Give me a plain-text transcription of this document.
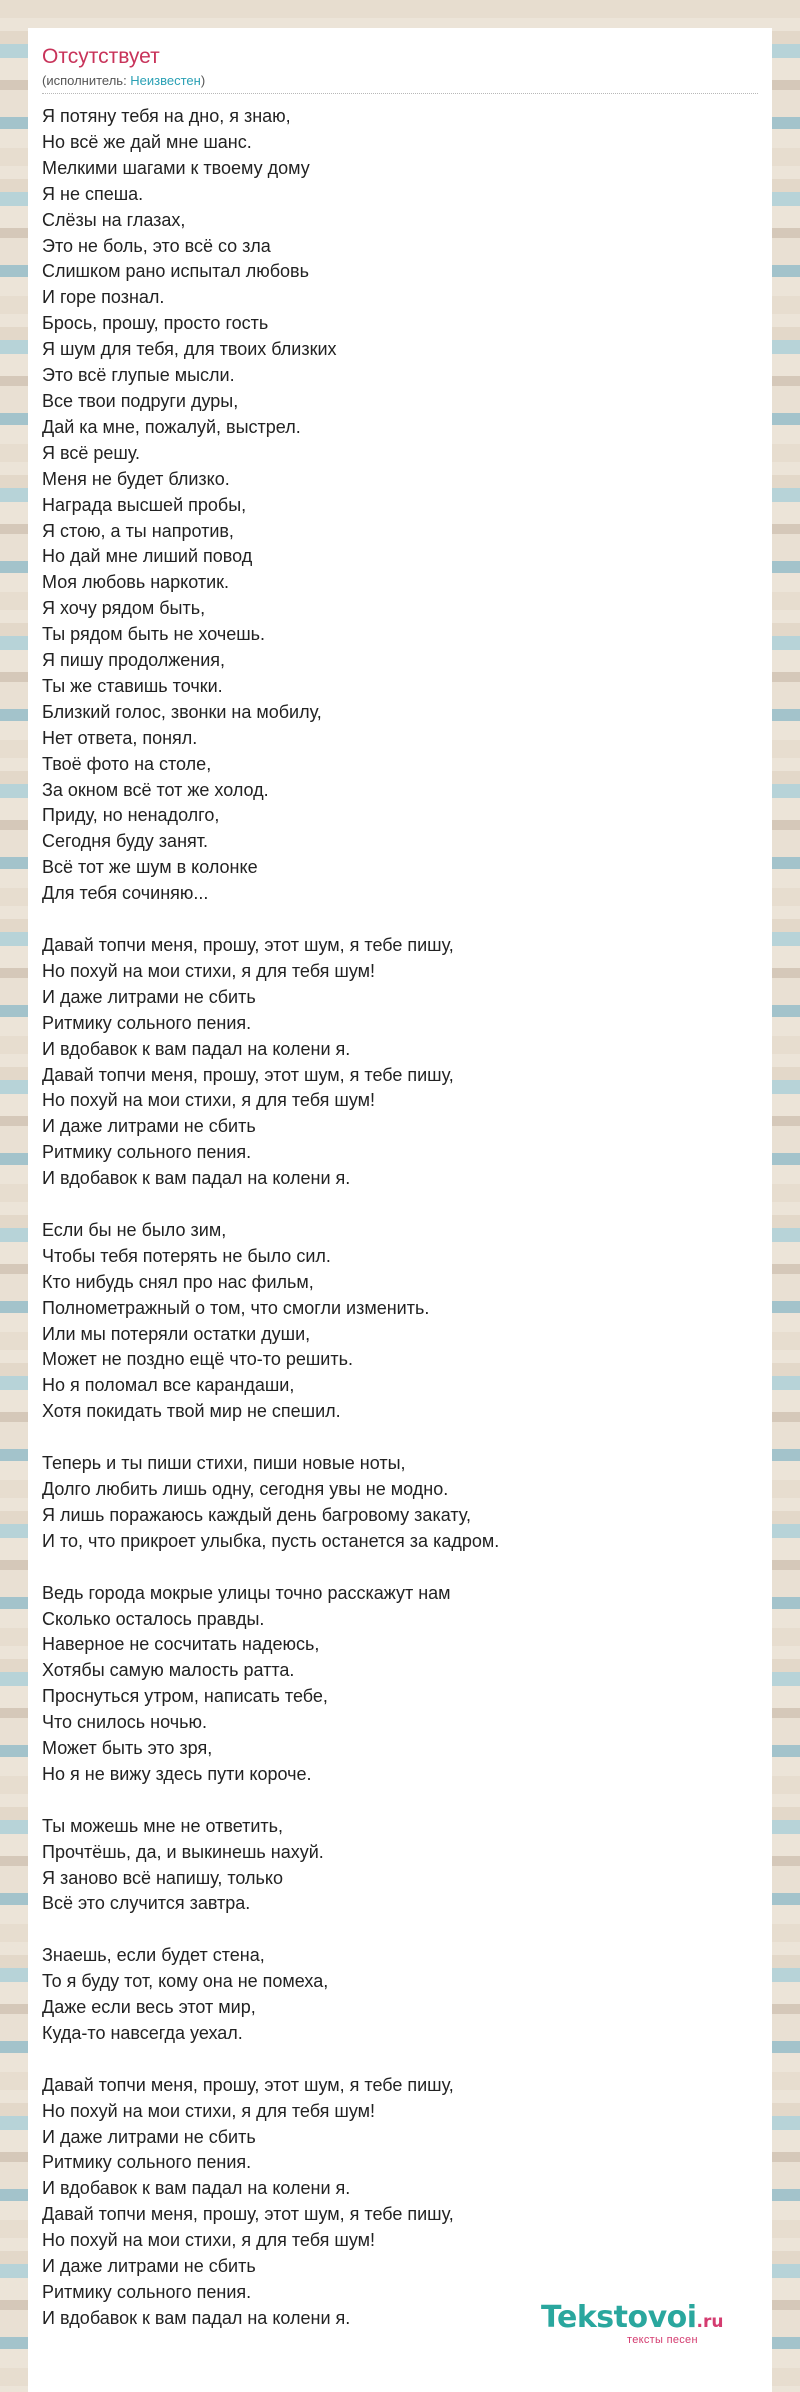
Отсутствует
(исполнитель: Неизвестен)
Я потяну тебя на дно, я знаю,
Но всё же дай мне шанс.
Мелкими шагами к твоему дому
Я не спеша.
Слёзы на глазах,
Это не боль, это всё со зла
Слишком рано испытал любовь
И горе познал.
Брось, прошу, просто гость
Я шум для тебя, для твоих близких
Это всё глупые мысли.
Все твои подруги дуры,
Дай ка мне, пожалуй, выстрел.
Я всё решу.
Меня не будет близко.
Награда высшей пробы,
Я стою, а ты напротив,
Но дай мне лиший повод
Моя любовь наркотик.
Я хочу рядом быть,
Ты рядом быть не хочешь.
Я пишу продолжения,
Ты же ставишь точки.
Близкий голос, звонки на мобилу,
Нет ответа, понял.
Твоё фото на столе,
За окном всё тот же холод.
Приду, но ненадолго,
Сегодня буду занят.
Всё тот же шум в колонке
Для тебя сочиняю...
Давай топчи меня, прошу, этот шум, я тебе пишу,
Но похуй на мои стихи, я для тебя шум!
И даже литрами не сбить
Ритмику сольного пения.
И вдобавок к вам падал на колени я.
Давай топчи меня, прошу, этот шум, я тебе пишу,
Но похуй на мои стихи, я для тебя шум!
И даже литрами не сбить
Ритмику сольного пения.
И вдобавок к вам падал на колени я.
Если бы не было зим,
Чтобы тебя потерять не было сил.
Кто нибудь снял про нас фильм,
Полнометражный о том, что смогли изменить.
Или мы потеряли остатки души,
Может не поздно ещё что-то решить.
Но я поломал все карандаши,
Хотя покидать твой мир не спешил.
Теперь и ты пиши стихи, пиши новые ноты,
Долго любить лишь одну, сегодня увы не модно.
Я лишь поражаюсь каждый день багровому закату,
И то, что прикроет улыбка, пусть останется за кадром.
Ведь города мокрые улицы точно расскажут нам
Сколько осталось правды.
Наверное не сосчитать надеюсь,
Хотябы самую малость ратта.
Проснуться утром, написать тебе,
Что снилось ночью.
Может быть это зря,
Но я не вижу здесь пути короче.
Ты можешь мне не ответить,
Прочтёшь, да, и выкинешь нахуй.
Я заново всё напишу, только
Всё это случится завтра.
Знаешь, если будет стена,
То я буду тот, кому она не помеха,
Даже если весь этот мир,
Куда-то навсегда уехал.
Давай топчи меня, прошу, этот шум, я тебе пишу,
Но похуй на мои стихи, я для тебя шум!
И даже литрами не сбить
Ритмику сольного пения.
И вдобавок к вам падал на колени я.
Давай топчи меня, прошу, этот шум, я тебе пишу,
Но похуй на мои стихи, я для тебя шум!
И даже литрами не сбить
Ритмику сольного пения.
И вдобавок к вам падал на колени я.	Tekstovoi.ru
тексты песен
